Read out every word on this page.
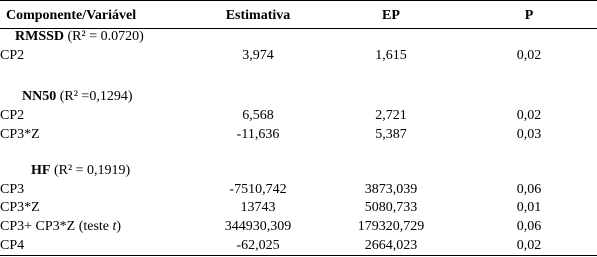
Componente/Variável	Estimativa	EP	P
RMSSD (R² = 0.0720)
CP2	3,974	1,615	0,02
NN50 (R² =0,1294)
CP2	6,568	2,721	0,02
CP3*Z	-11,636	5,387	0,03
HF (R² = 0,1919)
CP3	-7510,742	3873,039	0,06
CP3*Z	13743	5080,733	0,01
CP3+ CP3*Z (teste t)	344930,309	179320,729	0,06
CP4	-62,025	2664,023	0,02
